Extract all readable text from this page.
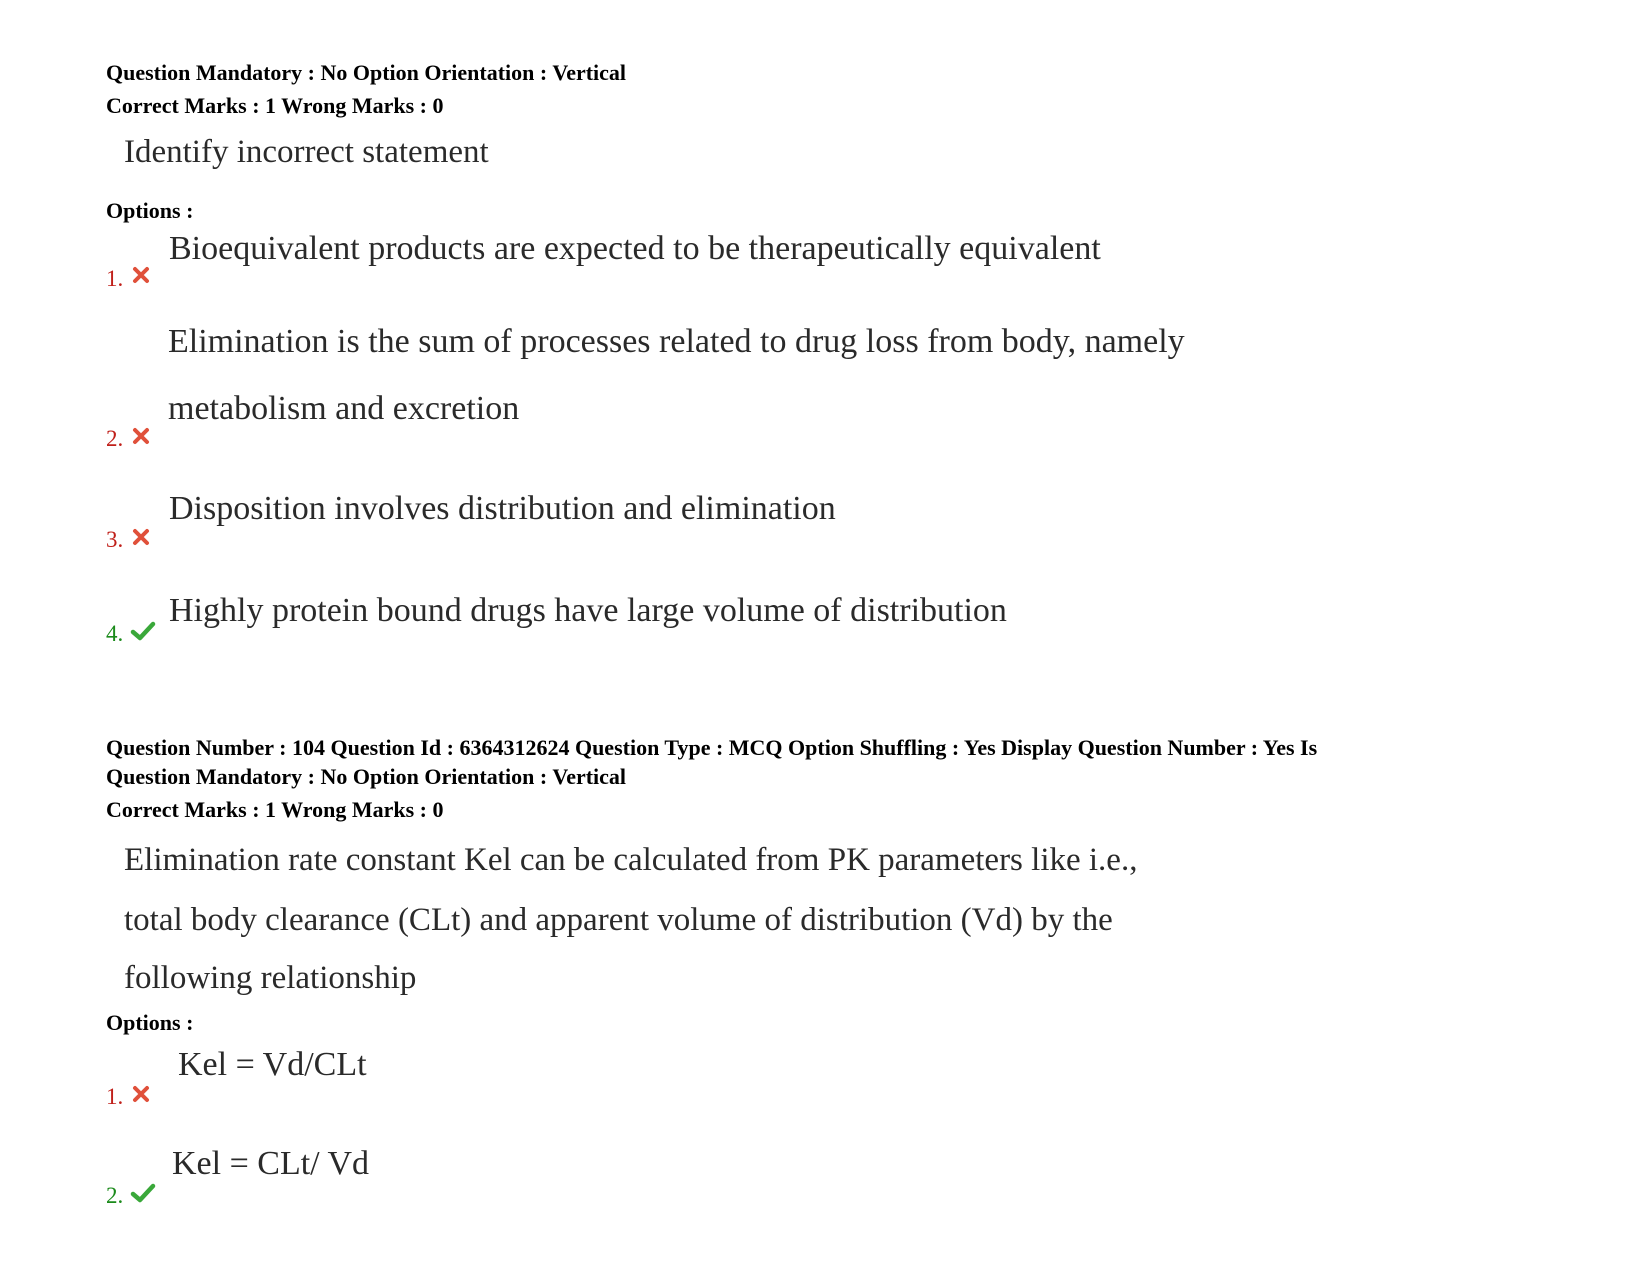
Question Mandatory : No Option Orientation : Vertical
Correct Marks : 1 Wrong Marks : 0
Identify incorrect statement
Options :
Bioequivalent products are expected to be therapeutically equivalent
1.
Elimination is the sum of processes related to drug loss from body, namely
metabolism and excretion
2.
Disposition involves distribution and elimination
3.
Highly protein bound drugs have large volume of distribution
4.
Question Number : 104 Question Id : 6364312624 Question Type : MCQ Option Shuffling : Yes Display Question Number : Yes Is
Question Mandatory : No Option Orientation : Vertical
Correct Marks : 1 Wrong Marks : 0
Elimination rate constant Kel can be calculated from PK parameters like i.e.,
total body clearance (CLt) and apparent volume of distribution (Vd) by the
following relationship
Options :
Kel = Vd/CLt
1.
Kel = CLt/ Vd
2.
